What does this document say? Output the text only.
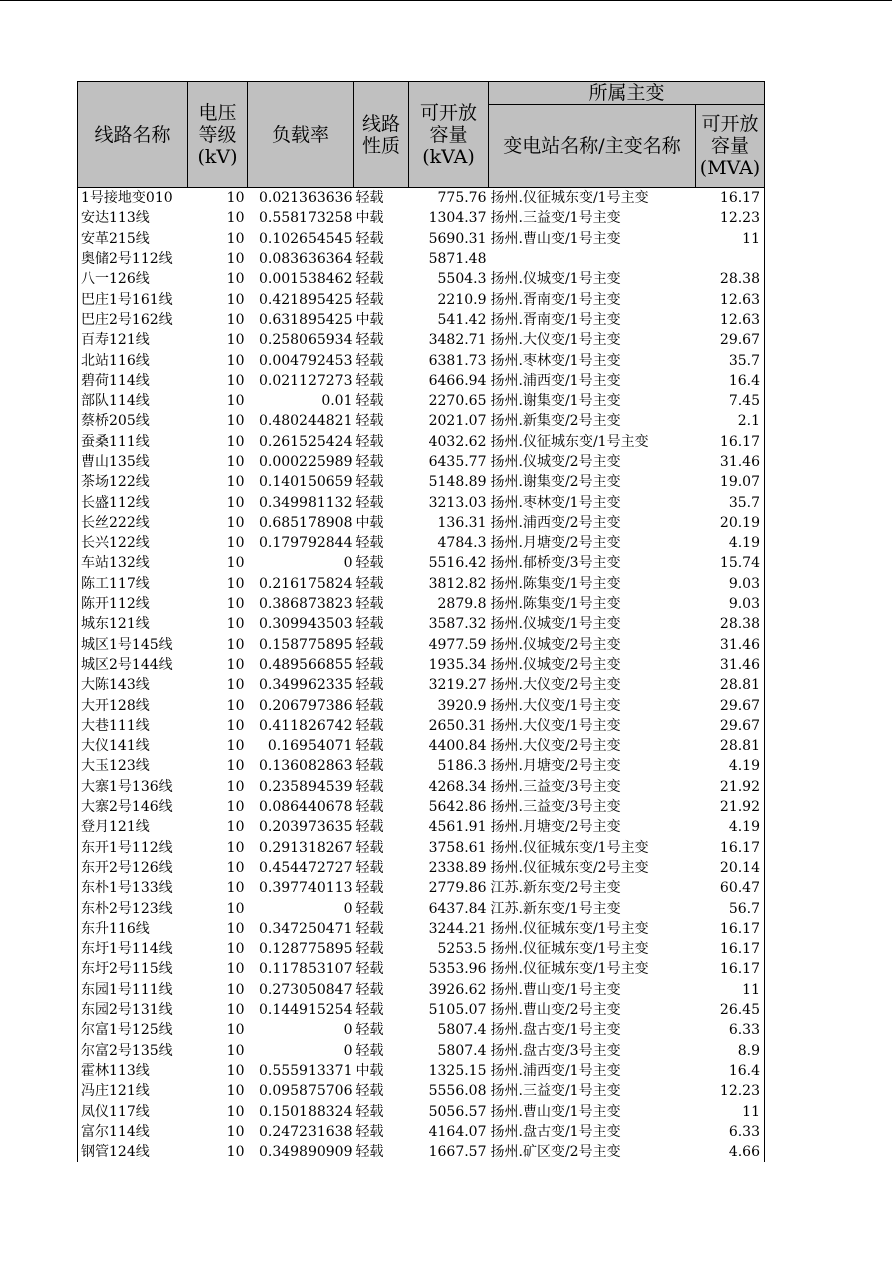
线路名称	电压等级(kV)	负载率	线路性质	可开放容量(kVA)	所属主变	
					变电站名称/主变名称	可开放容量(MVA)
1号接地变010	10	0.021363636	轻载	775.76	扬州.仪征城东变/1号主变	16.17
安达113线	10	0.558173258	中载	1304.37	扬州.三益变/1号主变	12.23
安革215线	10	0.102654545	轻载	5690.31	扬州.曹山变/1号主变	11
奥储2号112线	10	0.083636364	轻载	5871.48		
八一126线	10	0.001538462	轻载	5504.3	扬州.仪城变/1号主变	28.38
巴庄1号161线	10	0.421895425	轻载	2210.9	扬州.胥南变/1号主变	12.63
巴庄2号162线	10	0.631895425	中载	541.42	扬州.胥南变/1号主变	12.63
百寿121线	10	0.258065934	轻载	3482.71	扬州.大仪变/1号主变	29.67
北站116线	10	0.004792453	轻载	6381.73	扬州.枣林变/1号主变	35.7
碧荷114线	10	0.021127273	轻载	6466.94	扬州.浦西变/1号主变	16.4
部队114线	10	0.01	轻载	2270.65	扬州.谢集变/1号主变	7.45
蔡桥205线	10	0.480244821	轻载	2021.07	扬州.新集变/2号主变	2.1
蚕桑111线	10	0.261525424	轻载	4032.62	扬州.仪征城东变/1号主变	16.17
曹山135线	10	0.000225989	轻载	6435.77	扬州.仪城变/2号主变	31.46
茶场122线	10	0.140150659	轻载	5148.89	扬州.谢集变/2号主变	19.07
长盛112线	10	0.349981132	轻载	3213.03	扬州.枣林变/1号主变	35.7
长丝222线	10	0.685178908	中载	136.31	扬州.浦西变/2号主变	20.19
长兴122线	10	0.179792844	轻载	4784.3	扬州.月塘变/2号主变	4.19
车站132线	10	0	轻载	5516.42	扬州.郁桥变/3号主变	15.74
陈工117线	10	0.216175824	轻载	3812.82	扬州.陈集变/1号主变	9.03
陈开112线	10	0.386873823	轻载	2879.8	扬州.陈集变/1号主变	9.03
城东121线	10	0.309943503	轻载	3587.32	扬州.仪城变/1号主变	28.38
城区1号145线	10	0.158775895	轻载	4977.59	扬州.仪城变/2号主变	31.46
城区2号144线	10	0.489566855	轻载	1935.34	扬州.仪城变/2号主变	31.46
大陈143线	10	0.349962335	轻载	3219.27	扬州.大仪变/2号主变	28.81
大开128线	10	0.206797386	轻载	3920.9	扬州.大仪变/1号主变	29.67
大巷111线	10	0.411826742	轻载	2650.31	扬州.大仪变/1号主变	29.67
大仪141线	10	0.16954071	轻载	4400.84	扬州.大仪变/2号主变	28.81
大玉123线	10	0.136082863	轻载	5186.3	扬州.月塘变/2号主变	4.19
大寨1号136线	10	0.235894539	轻载	4268.34	扬州.三益变/3号主变	21.92
大寨2号146线	10	0.086440678	轻载	5642.86	扬州.三益变/3号主变	21.92
登月121线	10	0.203973635	轻载	4561.91	扬州.月塘变/2号主变	4.19
东开1号112线	10	0.291318267	轻载	3758.61	扬州.仪征城东变/1号主变	16.17
东开2号126线	10	0.454472727	轻载	2338.89	扬州.仪征城东变/2号主变	20.14
东朴1号133线	10	0.397740113	轻载	2779.86	江苏.新东变/2号主变	60.47
东朴2号123线	10	0	轻载	6437.84	江苏.新东变/1号主变	56.7
东升116线	10	0.347250471	轻载	3244.21	扬州.仪征城东变/1号主变	16.17
东圩1号114线	10	0.128775895	轻载	5253.5	扬州.仪征城东变/1号主变	16.17
东圩2号115线	10	0.117853107	轻载	5353.96	扬州.仪征城东变/1号主变	16.17
东园1号111线	10	0.273050847	轻载	3926.62	扬州.曹山变/1号主变	11
东园2号131线	10	0.144915254	轻载	5105.07	扬州.曹山变/2号主变	26.45
尔富1号125线	10	0	轻载	5807.4	扬州.盘古变/1号主变	6.33
尔富2号135线	10	0	轻载	5807.4	扬州.盘古变/3号主变	8.9
霍林113线	10	0.555913371	中载	1325.15	扬州.浦西变/1号主变	16.4
冯庄121线	10	0.095875706	轻载	5556.08	扬州.三益变/1号主变	12.23
凤仪117线	10	0.150188324	轻载	5056.57	扬州.曹山变/1号主变	11
富尔114线	10	0.247231638	轻载	4164.07	扬州.盘古变/1号主变	6.33
钢管124线	10	0.349890909	轻载	1667.57	扬州.矿区变/2号主变	4.66
